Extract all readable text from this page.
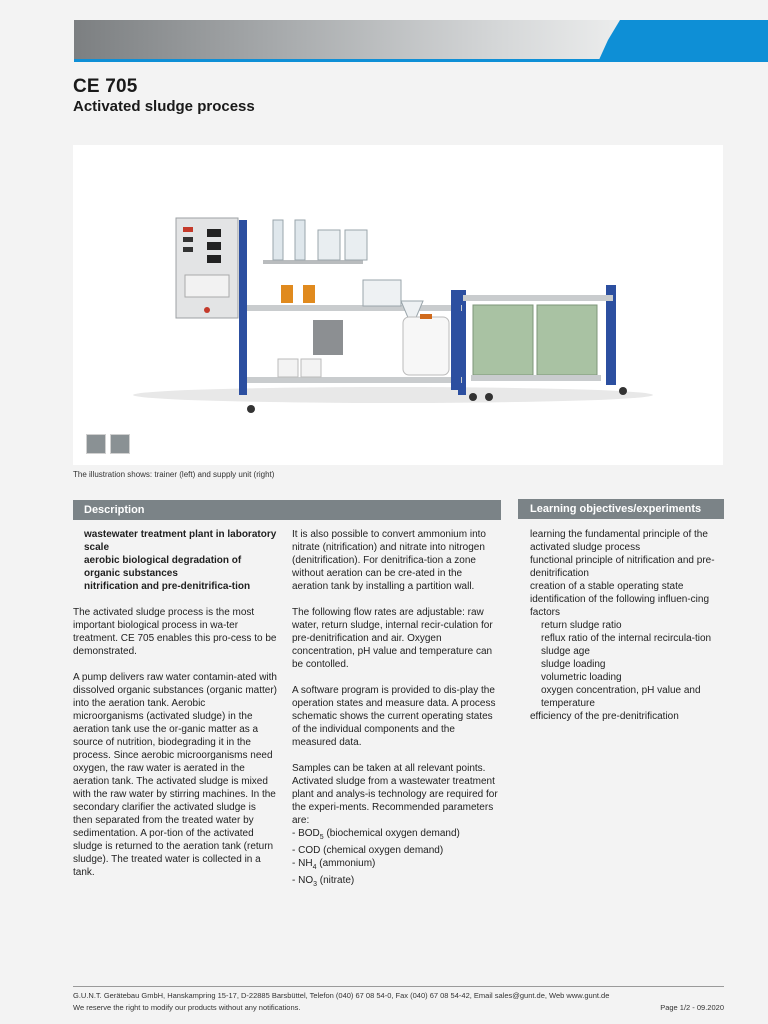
CE 705
Activated sludge process
The illustration shows: trainer (left) and supply unit (right)
Description	Learning objectives/experiments
wastewater treatment plant in laboratory scale
aerobic biological degradation of organic substances
nitrification and pre-denitrifica-tion

The activated sludge process is the most important biological process in wa-ter treatment. CE 705 enables this pro-cess to be demonstrated.

A pump delivers raw water contamin-ated with dissolved organic substances (organic matter) into the aeration tank. Aerobic microorganisms (activated sludge) in the aeration tank use the or-ganic matter as a source of nutrition, biodegrading it in the process. Since aerobic microorganisms need oxygen, the raw water is aerated in the aeration tank. The activated sludge is mixed with the raw water by stirring machines. In the secondary clarifier the activated sludge is then separated from the treated water by sedimentation. A por-tion of the activated sludge is returned to the aeration tank (return sludge). The treated water is collected in a tank.

It is also possible to convert ammonium into nitrate (nitrification) and nitrate into nitrogen (denitrification). For denitrifica-tion a zone without aeration can be cre-ated in the aeration tank by installing a partition wall.

The following flow rates are adjustable: raw water, return sludge, internal recir-culation for pre-denitrification and air. Oxygen concentration, pH value and temperature can be contolled.

A software program is provided to dis-play the operation states and measure data. A process schematic shows the current operating states of the individual components and the measured data.

Samples can be taken at all relevant points. Activated sludge from a wastewater treatment plant and analys-is technology are required for the experi-ments. Recommended parameters are:

- $BOD_5$ (biochemical oxygen demand)
- COD (chemical oxygen demand)
- $NH_4$ (ammonium)
- $NO_3$ (nitrate)
learning the fundamental principle of the activated sludge process
functional principle of nitrification and pre-denitrification
creation of a stable operating state
identification of the following influen-cing factors
return sludge ratio
reflux ratio of the internal recircula-tion
sludge age
sludge loading
volumetric loading
oxygen concentration, pH value and temperature
efficiency of the pre-denitrification
G.U.N.T. Gerätebau GmbH, Hanskampring 15-17, D-22885 Barsbüttel, Telefon (040) 67 08 54-0, Fax (040) 67 08 54-42, Email sales@gunt.de, Web www.gunt.de
We reserve the right to modify our products without any notifications.	Page 1/2 - 09.2020
